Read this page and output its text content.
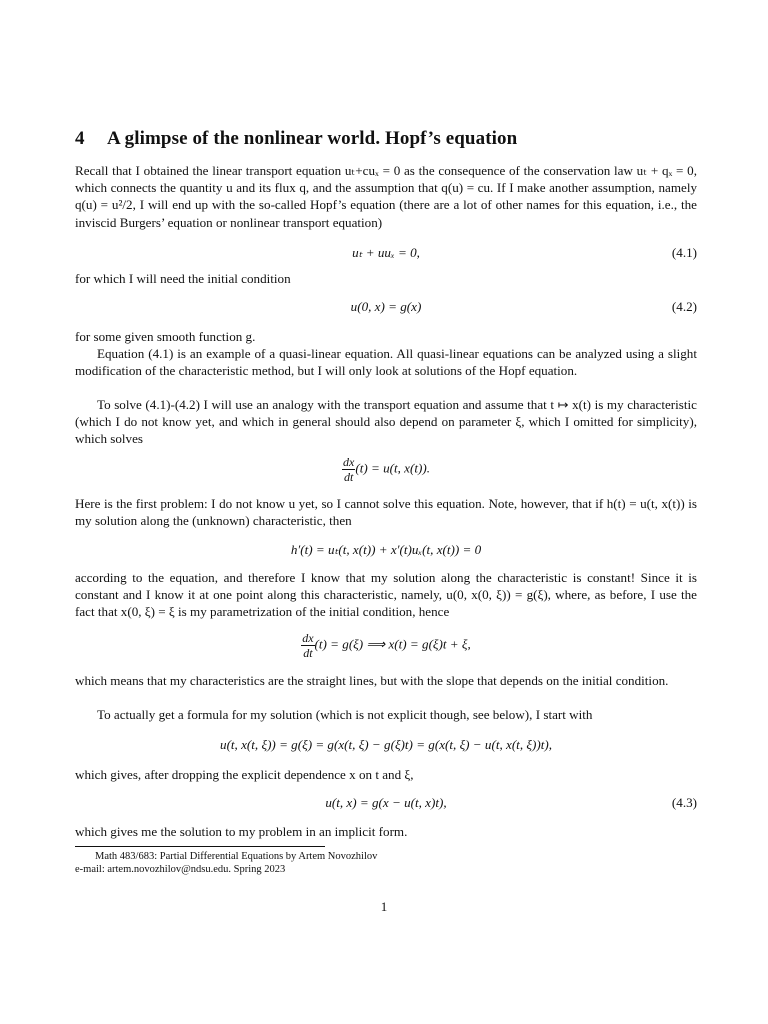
4 A glimpse of the nonlinear world. Hopf’s equation

Recall that I obtained the linear transport equation uₜ+cuₓ = 0 as the consequence of the conservation law uₜ + qₓ = 0, which connects the quantity u and its flux q, and the assumption that q(u) = cu. If I make another assumption, namely q(u) = u²/2, I will end up with the so-called Hopf’s equation (there are a lot of other names for this equation, i.e., the inviscid Burgers’ equation or nonlinear transport equation)

uₜ + uuₓ = 0,	(4.1)

for which I will need the initial condition

u(0, x) = g(x)	(4.2)

for some given smooth function g.

Equation (4.1) is an example of a quasi-linear equation. All quasi-linear equations can be analyzed using a slight modification of the characteristic method, but I will only look at solutions of the Hopf equation.

To solve (4.1)-(4.2) I will use an analogy with the transport equation and assume that t ↦ x(t) is my characteristic (which I do not know yet, and which in general should also depend on parameter ξ, which I omitted for simplicity), which solves

$\frac{dx}{dt} (t) = u(t$, x(t)).

Here is the first problem: I do not know u yet, so I cannot solve this equation. Note, however, that if h(t) = u(t, x(t)) is my solution along the (unknown) characteristic, then

h′(t) = uₜ(t, x(t)) + x′(t)uₓ(t, x(t)) = 0

according to the equation, and therefore I know that my solution along the characteristic is constant! Since it is constant and I know it at one point along this characteristic, namely, u(0, x(0, ξ)) = g(ξ), where, as before, I use the fact that x(0, ξ) = ξ is my parametrization of the initial condition, hence

$\frac{dx}{dt} (t) = g(\xi)$ ⟹ x(t) = g(ξ)t + ξ,

which means that my characteristics are the straight lines, but with the slope that depends on the initial condition.

To actually get a formula for my solution (which is not explicit though, see below), I start with

u(t, x(t, ξ)) = g(ξ) = g(x(t, ξ) − g(ξ)t) = g(x(t, ξ) − u(t, x(t, ξ))t),

which gives, after dropping the explicit dependence x on t and ξ,

u(t, x) = g(x − u(t, x)t),	(4.3)

which gives me the solution to my problem in an implicit form.

Math 483/683: Partial Differential Equations by Artem Novozhilov

e-mail: artem.novozhilov@ndsu.edu. Spring 2023

1
